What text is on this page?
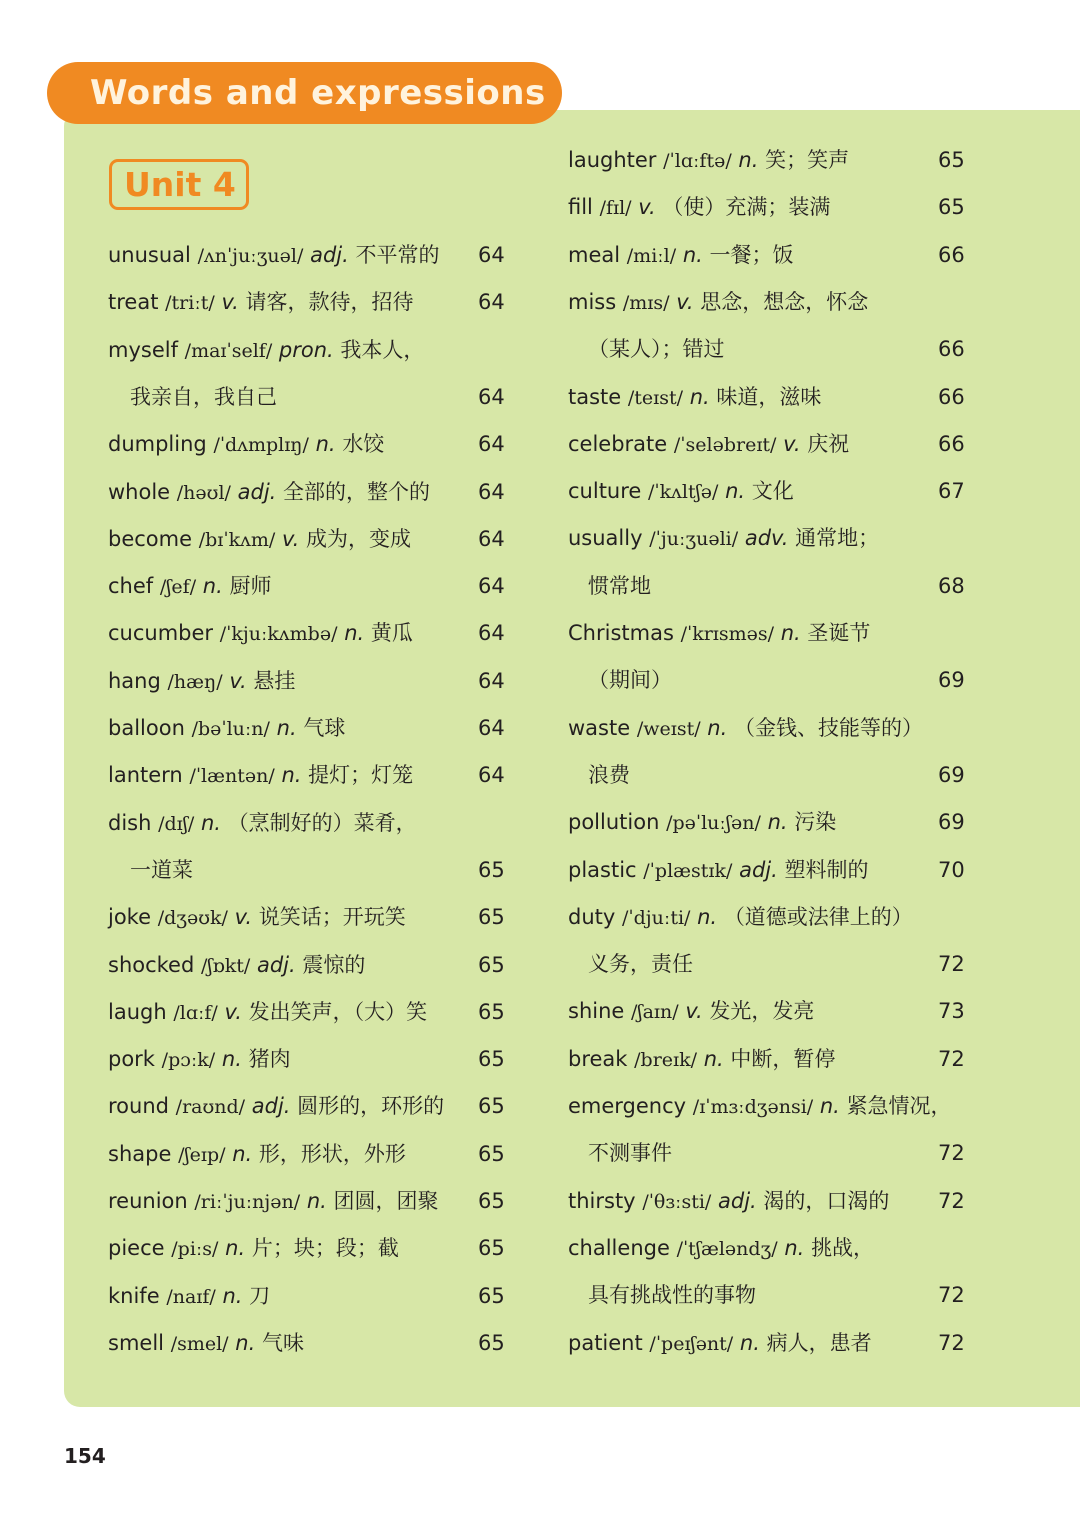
Words and expressions
Unit 4
unusual /ʌnˈjuːʒuəl/ adj. 不平常的 64
treat /triːt/ v. 请客，款待，招待	64
myself /maɪˈself/ pron. 我本人，
我亲自，我自己	64
dumpling /ˈdʌmplɪŋ/ n. 水饺	64
whole /həʊl/ adj. 全部的，整个的 64
become /bɪˈkʌm/ v. 成为，变成	64
chef /ʃef/ n. 厨师	64
cucumber /ˈkjuːkʌmbə/ n. 黄瓜	64
hang /hæŋ/ v. 悬挂	64
balloon /bəˈluːn/ n. 气球	64
lantern /ˈlæntən/ n. 提灯；灯笼	64
dish /dɪʃ/ n. （烹制好的）菜肴，
一道菜	65
joke /dʒəʊk/ v. 说笑话；开玩笑	65
shocked /ʃɒkt/ adj. 震惊的	65
laugh /lɑːf/ v. 发出笑声，（大）笑 65
pork /pɔːk/ n. 猪肉	65
round /raʊnd/ adj. 圆形的，环形的 65
shape /ʃeɪp/ n. 形，形状，外形	65
reunion /riːˈjuːnjən/ n. 团圆，团聚 65
piece /piːs/ n. 片；块；段；截	65
knife /naɪf/ n. 刀	65
smell /smel/ n. 气味	65
laughter /ˈlɑːftə/ n. 笑；笑声	65
fill /fɪl/ v. （使）充满；装满	65
meal /miːl/ n. 一餐；饭	66
miss /mɪs/ v. 思念，想念，怀念
（某人）；错过	66
taste /teɪst/ n. 味道，滋味	66
celebrate /ˈseləbreɪt/ v. 庆祝	66
culture /ˈkʌltʃə/ n. 文化	67
usually /ˈjuːʒuəli/ adv. 通常地；
惯常地	68
Christmas /ˈkrɪsməs/ n. 圣诞节
（期间）	69
waste /weɪst/ n. （金钱、技能等的）
浪费	69
pollution /pəˈluːʃən/ n. 污染	69
plastic /ˈplæstɪk/ adj. 塑料制的	70
duty /ˈdjuːti/ n. （道德或法律上的）
义务，责任	72
shine /ʃaɪn/ v. 发光，发亮	73
break /breɪk/ n. 中断，暂停	72
emergency /ɪˈmɜːdʒənsi/ n. 紧急情况，
不测事件	72
thirsty /ˈθɜːsti/ adj. 渴的，口渴的 72
challenge /ˈtʃæləndʒ/ n. 挑战，
具有挑战性的事物	72
patient /ˈpeɪʃənt/ n. 病人，患者	72
154
